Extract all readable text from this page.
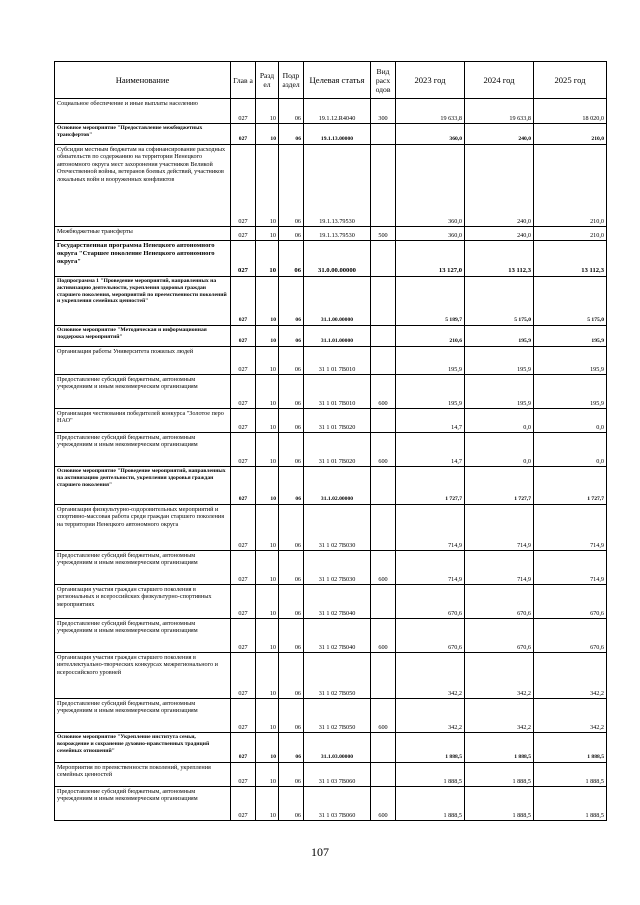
Наименование	Глав а	Разд ел	Подр аздел	Целевая статья	Вид расх одов	2023 год	2024 год	2025 год
Социальное обеспечение и иные выплаты населению	027	10	06	19.1.12.R4040	300	19 633,8	19 633,8	18 020,0
Основное мероприятие "Предоставление межбюджетных трансфертов"	027	10	06	19.1.13.00000		360,0	240,0	210,0
Субсидии местным бюджетам на софинансирование расходных обязательств по содержанию на территории Ненецкого автономного округа мест захоронения участников Великой Отечественной войны, ветеранов боевых действий, участников локальных войн и вооруженных конфликтов	027	10	06	19.1.13.79530		360,0	240,0	210,0
Межбюджетные трансферты	027	10	06	19.1.13.79530	500	360,0	240,0	210,0
Государственная программа Ненецкого автономного округа "Старшее поколение Ненецкого автономного округа"	027	10	06	31.0.00.00000		13 127,0	13 112,3	13 112,3
Подпрограмма 1 "Проведение мероприятий, направленных на активизацию деятельности, укрепления здоровья граждан старшего поколения, мероприятий по преемственности поколений и укрепления семейных ценностей"	027	10	06	31.1.00.00000		5 189,7	5 175,0	5 175,0
Основное мероприятие "Методическая и информационная поддержка мероприятий"	027	10	06	31.1.01.00000		210,6	195,9	195,9
Организация работы Университета пожилых людей	027	10	06	31 1 01 7В010		195,9	195,9	195,9
Предоставление субсидий бюджетным, автономным учреждениям и иным некоммерческим организациям	027	10	06	31 1 01 7В010	600	195,9	195,9	195,9
Организация чествования победителей конкурса "Золотое перо НАО"	027	10	06	31 1 01 7В020		14,7	0,0	0,0
Предоставление субсидий бюджетным, автономным учреждениям и иным некоммерческим организациям	027	10	06	31 1 01 7В020	600	14,7	0,0	0,0
Основное мероприятие "Проведение мероприятий, направленных на активизацию деятельности, укрепления здоровья граждан старшего поколения"	027	10	06	31.1.02.00000		1 727,7	1 727,7	1 727,7
Организация физкультурно-оздоровительных мероприятий и спортивно-массовая работа среди граждан старшего поколения на территории Ненецкого автономного округа	027	10	06	31 1 02 7В030		714,9	714,9	714,9
Предоставление субсидий бюджетным, автономным учреждениям и иным некоммерческим организациям	027	10	06	31 1 02 7В030	600	714,9	714,9	714,9
Организация участия граждан старшего поколения в региональных и всероссийских физкультурно-спортивных мероприятиях	027	10	06	31 1 02 7В040		670,6	670,6	670,6
Предоставление субсидий бюджетным, автономным учреждениям и иным некоммерческим организациям	027	10	06	31 1 02 7В040	600	670,6	670,6	670,6
Организация участия граждан старшего поколения в интеллектуально-творческих конкурсах межрегионального и всероссийского уровней	027	10	06	31 1 02 7В050		342,2	342,2	342,2
Предоставление субсидий бюджетным, автономным учреждениям и иным некоммерческим организациям	027	10	06	31 1 02 7В050	600	342,2	342,2	342,2
Основное мероприятие "Укрепление института семьи, возрождение и сохранение духовно-нравственных традиций семейных отношений"	027	10	06	31.1.03.00000		1 888,5	1 888,5	1 888,5
Мероприятия по преемственности поколений, укрепления семейных ценностей	027	10	06	31 1 03 7В060		1 888,5	1 888,5	1 888,5
Предоставление субсидий бюджетным, автономным учреждениям и иным некоммерческим организациям	027	10	06	31 1 03 7В060	600	1 888,5	1 888,5	1 888,5
107
